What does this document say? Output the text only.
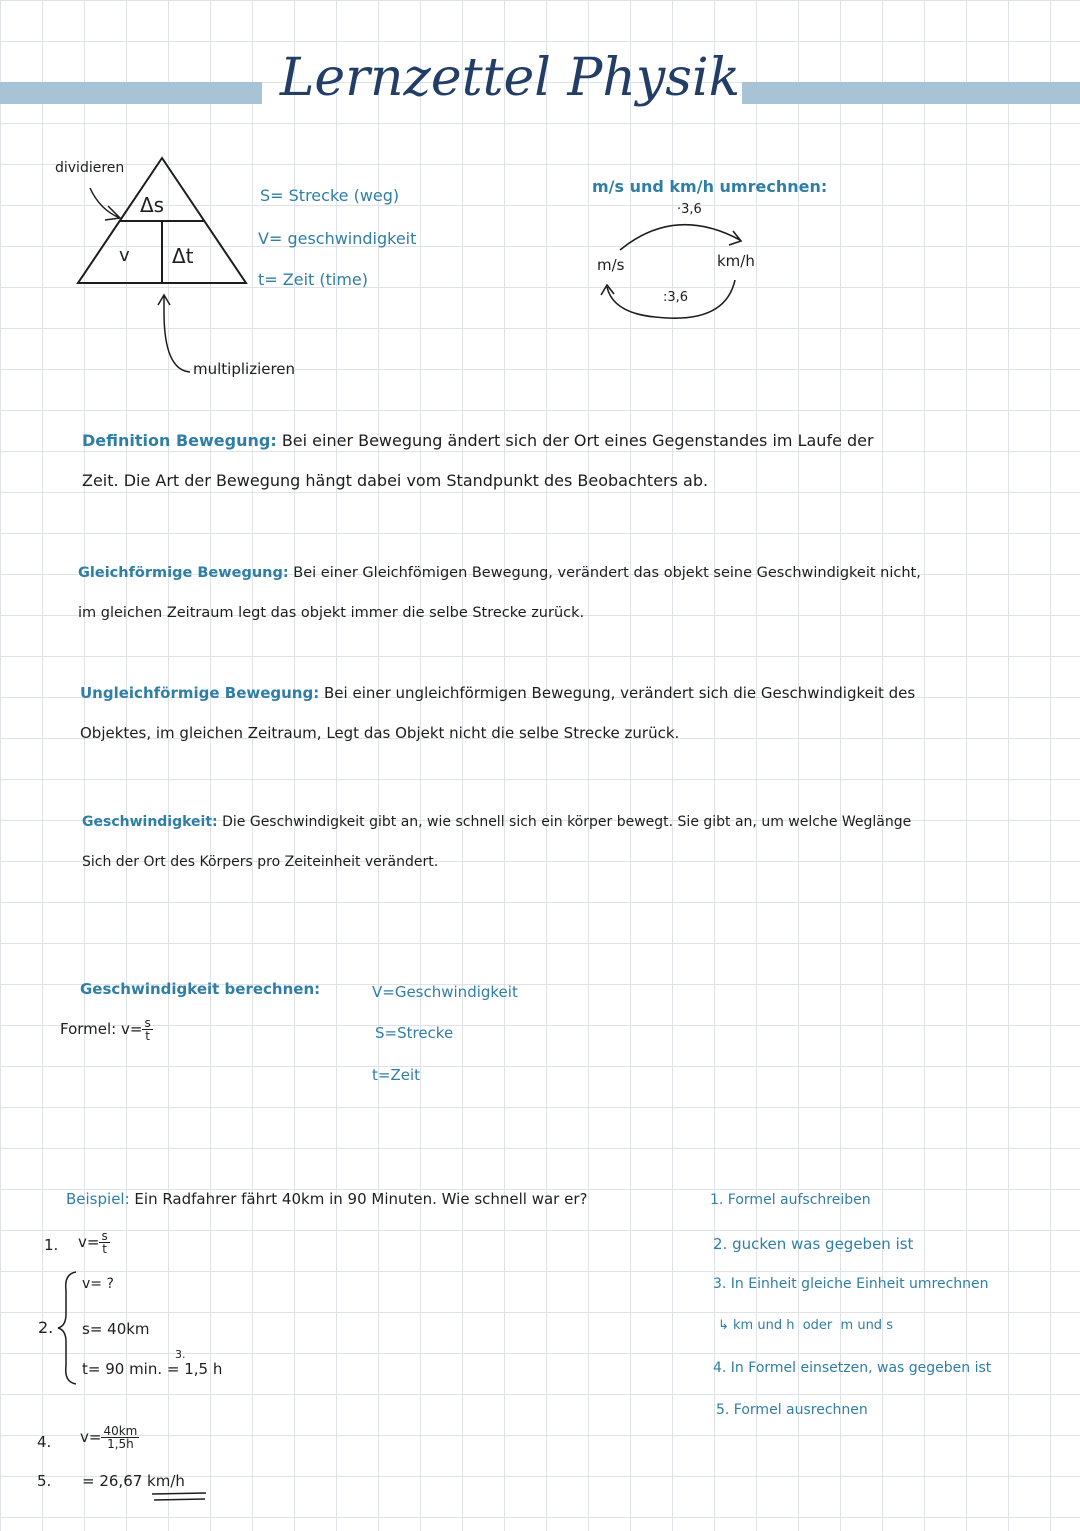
Lernzettel Physik
dividieren
Δs
v Δt
multiplizieren
S= Strecke (weg)
V= geschwindigkeit
t= Zeit (time)
m/s und km/h umrechnen:
·3,6
m/s	km/h
:3,6
Definition Bewegung: Bei einer Bewegung ändert sich der Ort eines Gegenstandes im Laufe der
Zeit. Die Art der Bewegung hängt dabei vom Standpunkt des Beobachters ab.
Gleichförmige Bewegung: Bei einer Gleichfömigen Bewegung, verändert das objekt seine Geschwindigkeit nicht,
im gleichen Zeitraum legt das objekt immer die selbe Strecke zurück.
Ungleichförmige Bewegung: Bei einer ungleichförmigen Bewegung, verändert sich die Geschwindigkeit des
Objektes, im gleichen Zeitraum, Legt das Objekt nicht die selbe Strecke zurück.
Geschwindigkeit: Die Geschwindigkeit gibt an, wie schnell sich ein körper bewegt. Sie gibt an, um welche Weglänge
Sich der Ort des Körpers pro Zeiteinheit verändert.
Geschwindigkeit berechnen:
Formel: $v= \frac{s}{t}$
V=Geschwindigkeit
S=Strecke
t=Zeit
Beispiel: Ein Radfahrer fährt 40km in 90 Minuten. Wie schnell war er?
1. $v= \frac{s}{t}$
2.
v= ?
s= 40km
3.
t= 90 min. = 1,5 h
4. $v= \frac{40km}{1,5h}$
5. = 26,67 km/h
1. Formel aufschreiben
2. gucken was gegeben ist
3. In Einheit gleiche Einheit umrechnen
↳ km und h  oder  m und s
4. In Formel einsetzen, was gegeben ist
5. Formel ausrechnen
